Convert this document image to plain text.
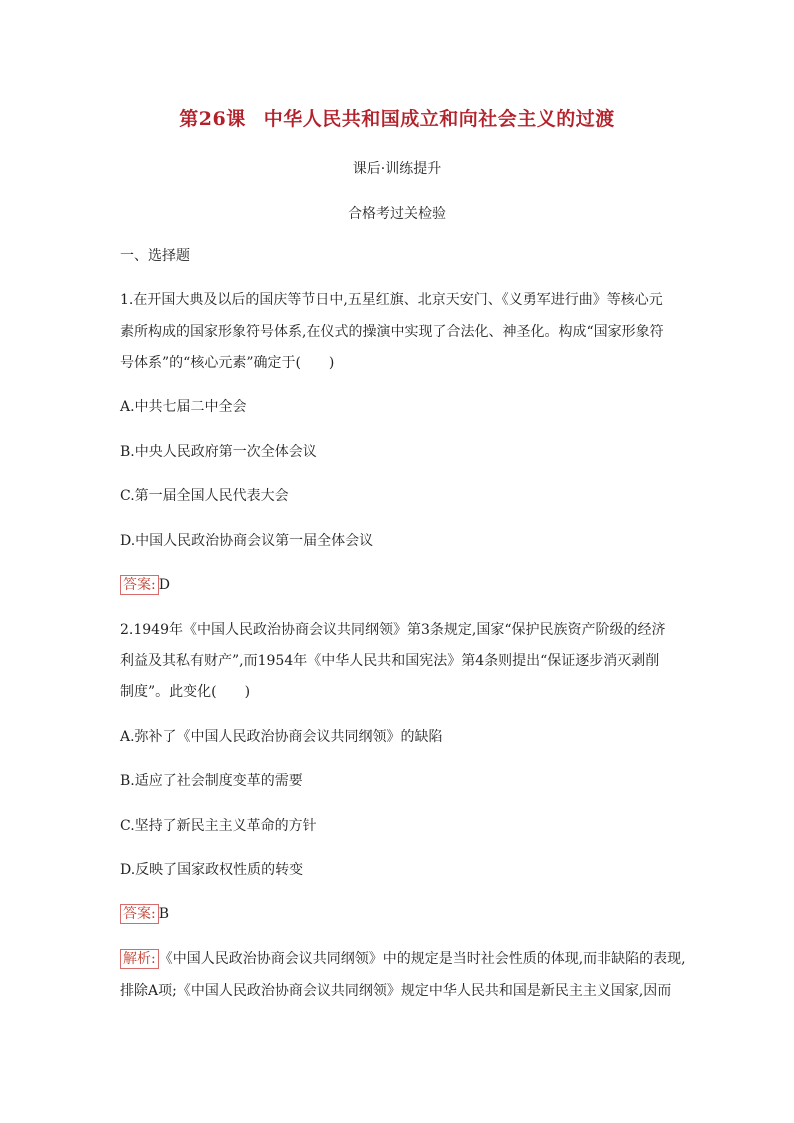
第26课 中华人民共和国成立和向社会主义的过渡
课后·训练提升
合格考过关检验
一、选择题
1.在开国大典及以后的国庆等节日中,五星红旗、北京天安门、《义勇军进行曲》等核心元
素所构成的国家形象符号体系,在仪式的操演中实现了合法化、神圣化。构成“国家形象符
号体系”的“核心元素”确定于(　　)
A.中共七届二中全会
B.中央人民政府第一次全体会议
C.第一届全国人民代表大会
D.中国人民政治协商会议第一届全体会议
答案: D
2.1949年《中国人民政治协商会议共同纲领》第3条规定,国家“保护民族资产阶级的经济
利益及其私有财产”,而1954年《中华人民共和国宪法》第4条则提出“保证逐步消灭剥削
制度”。此变化(　　)
A.弥补了《中国人民政治协商会议共同纲领》的缺陷
B.适应了社会制度变革的需要
C.坚持了新民主主义革命的方针
D.反映了国家政权性质的转变
答案: B
解析: 《中国人民政治协商会议共同纲领》中的规定是当时社会性质的体现,而非缺陷的表现,
排除A项;《中国人民政治协商会议共同纲领》规定中华人民共和国是新民主主义国家,因而
